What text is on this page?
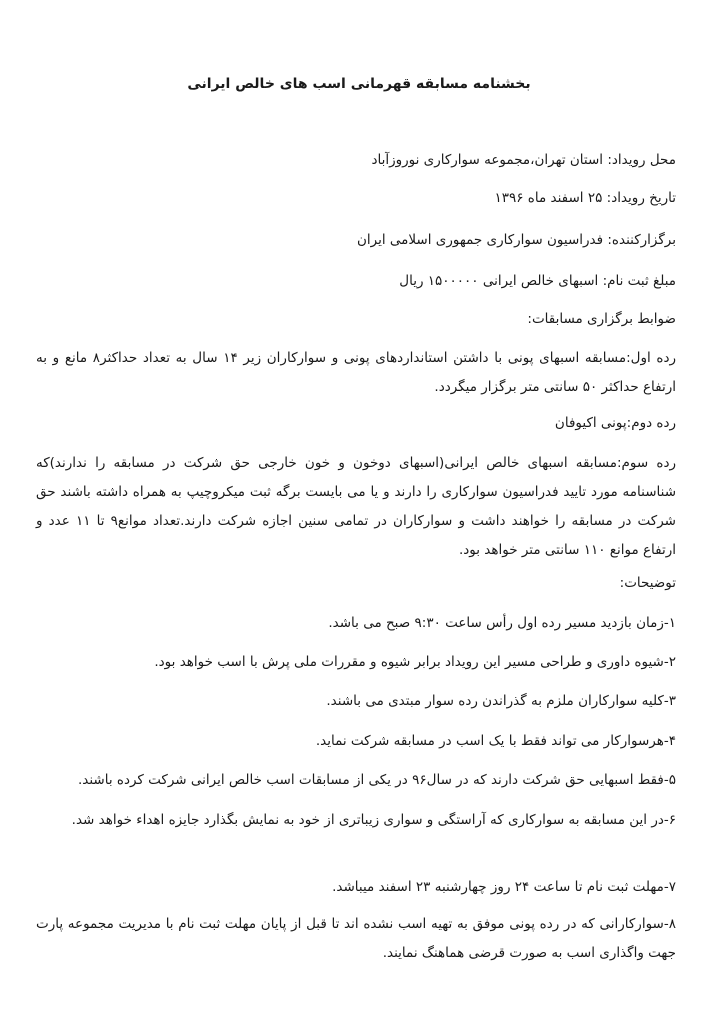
بخشنامه مسابقه قهرمانی اسب های خالص ایرانی
محل رویداد: استان تهران،مجموعه سوارکاری نوروزآباد
تاریخ رویداد: ۲۵ اسفند ماه ۱۳۹۶
برگزارکننده: فدراسیون سوارکاری جمهوری اسلامی ایران
مبلغ ثبت نام: اسبهای خالص ایرانی ۱۵۰۰۰۰۰ ریال
ضوابط برگزاری مسابقات:
رده اول:مسابقه اسبهای پونی با داشتن استانداردهای پونی و سوارکاران زیر ۱۴ سال به تعداد حداکثر۸ مانع و به ارتفاع حداکثر ۵۰ سانتی متر برگزار میگردد.
رده دوم:پونی اکیوفان
رده سوم:مسابقه اسبهای خالص ایرانی(اسبهای دوخون و خون خارجی حق شرکت در مسابقه را ندارند)که شناسنامه مورد تایید فدراسیون سوارکاری را دارند و یا می بایست برگه ثبت میکروچیپ به همراه داشته باشند حق شرکت در مسابقه را خواهند داشت و سوارکاران در تمامی سنین اجازه شرکت دارند.تعداد موانع۹ تا ۱۱ عدد و ارتفاع موانع ۱۱۰ سانتی متر خواهد بود.
توضیحات:
۱-زمان بازدید مسیر رده اول رأس ساعت ۹:۳۰ صبح می باشد.
۲-شیوه داوری و طراحی مسیر این رویداد برابر شیوه و مقررات ملی پرش با اسب خواهد بود.
۳-کلیه سوارکاران ملزم به گذراندن رده سوار مبتدی می باشند.
۴-هرسوارکار می تواند فقط با یک اسب در مسابقه شرکت نماید.
۵-فقط اسبهایی حق شرکت دارند که در سال۹۶ در یکی از مسابقات اسب خالص ایرانی شرکت کرده باشند.
۶-در این مسابقه به سوارکاری که آراستگی و سواری زیباتری از خود به نمایش بگذارد جایزه اهداء خواهد شد.
۷-مهلت ثبت نام تا ساعت ۲۴ روز چهارشنبه ۲۳ اسفند میباشد.
۸-سوارکارانی که در رده پونی موفق به تهیه اسب نشده اند تا قبل از پایان مهلت ثبت نام با مدیریت مجموعه پارت جهت واگذاری اسب به صورت قرضی هماهنگ نمایند.
